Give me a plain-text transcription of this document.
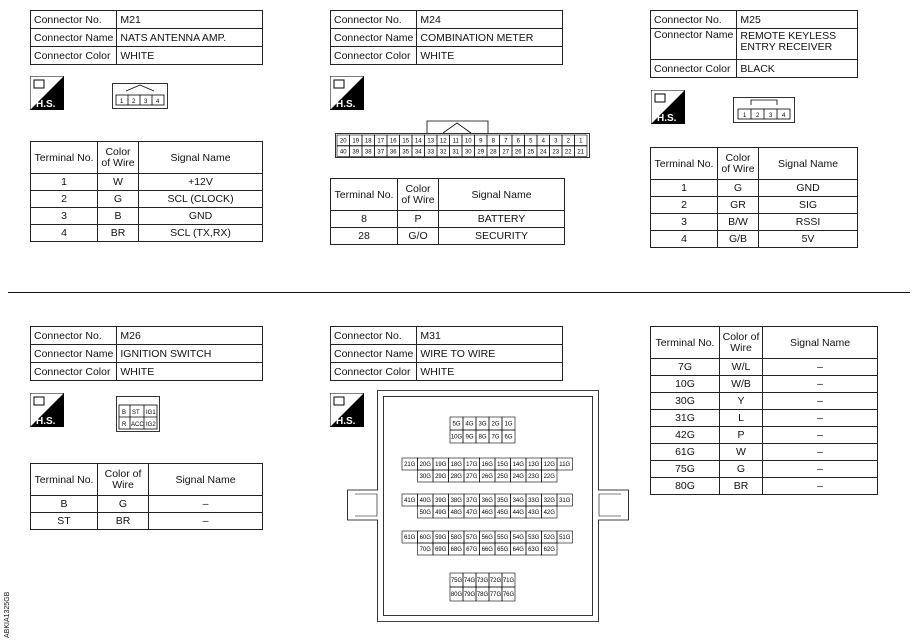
Connector No.	M21
Connector Name	NATS ANTENNA AMP.
Connector Color	WHITE
H.S.	1 2 3 4
Terminal No.	Color of Wire	Signal Name
1	W	+12V
2	G	SCL (CLOCK)
3	B	GND
4	BR	SCL (TX,RX)
Connector No.	M24
Connector Name	COMBINATION METER
Connector Color	WHITE
H.S.
20 19 18 17 16 15 14 13 12 11 10 9 8 7 6 5 4 3 2 1
40 39 38 37 36 35 34 33 32 31 30 29 28 27 26 25 24 23 22 21
Terminal No.	Color of Wire	Signal Name
8	P	BATTERY
28	G/O	SECURITY
Connector No.	M25
Connector Name	REMOTE KEYLESS
ENTRY RECEIVER

Connector Color	BLACK
H.S.	1 2 3 4
Terminal No.	Color of Wire	Signal Name
1	G	GND
2	GR	SIG
3	B/W	RSSI
4	G/B	5V
Connector No.	M26
Connector Name	IGNITION SWITCH
Connector Color	WHITE
H.S.
B ST IG1
R ACC IG2
Terminal No.	Color of Wire	Signal Name
B	G	–
ST	BR	–
Connector No.	M31
Connector Name	WIRE TO WIRE
Connector Color	WHITE
H.S.	5G 4G 3G 2G 1G
10G 9G 8G 7G 6G
21G 20G 19G 18G 17G 16G 15G 14G 13G 12G 11G
30G 29G 28G 27G 26G 25G 24G 23G 22G
41G 40G 39G 38G 37G 36G 35G 34G 33G 32G 31G
50G 49G 48G 47G 46G 45G 44G 43G 42G
61G 60G 59G 58G 57G 56G 55G 54G 53G 52G 51G
70G 69G 68G 67G 66G 65G 64G 63G 62G
75G 74G 73G 72G 71G
80G 79G 78G 77G 76G
Terminal No.	Color of Wire	Signal Name
7G	W/L	–
10G	W/B	–
30G	Y	–
31G	L	–
42G	P	–
61G	W	–
75G	G	–
80G	BR	–
ABKIA1325GB
